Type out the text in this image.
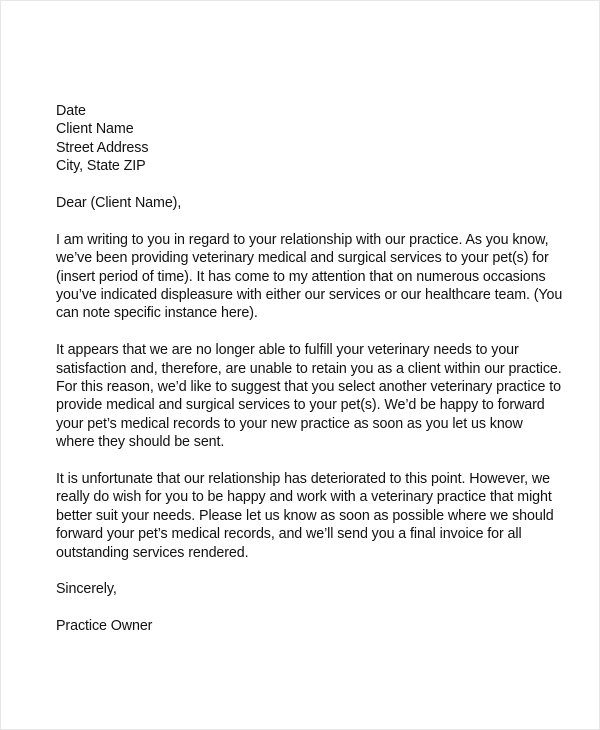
Date
Client Name
Street Address
City, State ZIP
Dear (Client Name),
I am writing to you in regard to your relationship with our practice. As you know,
we’ve been providing veterinary medical and surgical services to your pet(s) for
(insert period of time). It has come to my attention that on numerous occasions
you’ve indicated displeasure with either our services or our healthcare team. (You
can note specific instance here).
It appears that we are no longer able to fulfill your veterinary needs to your
satisfaction and, therefore, are unable to retain you as a client within our practice.
For this reason, we’d like to suggest that you select another veterinary practice to
provide medical and surgical services to your pet(s). We’d be happy to forward
your pet’s medical records to your new practice as soon as you let us know
where they should be sent.
It is unfortunate that our relationship has deteriorated to this point. However, we
really do wish for you to be happy and work with a veterinary practice that might
better suit your needs. Please let us know as soon as possible where we should
forward your pet’s medical records, and we’ll send you a final invoice for all
outstanding services rendered.
Sincerely,
Practice Owner
